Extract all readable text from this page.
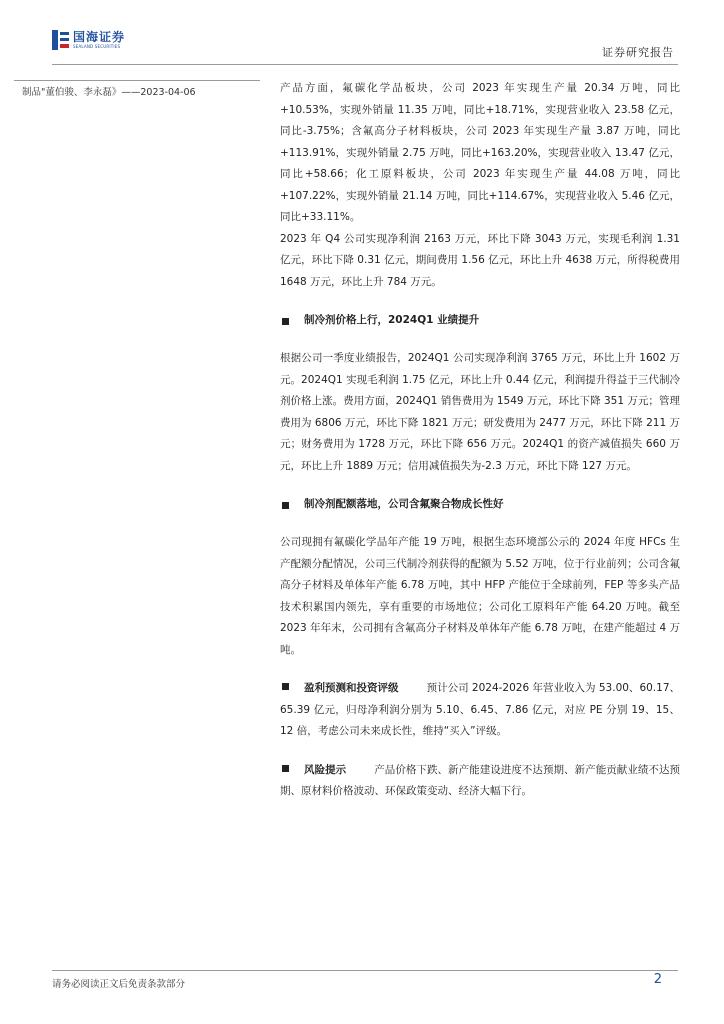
国海证券
SEALAND SECURITIES	证券研究报告
制品"董伯骏、李永磊》——2023-04-06	产品方面，氟碳化学品板块，公司 2023 年实现生产量 20.34 万吨，同比+10.53%，实现外销量 11.35 万吨，同比+18.71%，实现营业收入 23.58 亿元，同比-3.75%；含氟高分子材料板块，公司 2023 年实现生产量 3.87 万吨，同比+113.91%，实现外销量 2.75 万吨，同比+163.20%，实现营业收入 13.47 亿元，同比+58.66；化工原料板块，公司 2023 年实现生产量 44.08 万吨，同比+107.22%，实现外销量 21.14 万吨，同比+114.67%，实现营业收入 5.46 亿元，同比+33.11%。

2023 年 Q4 公司实现净利润 2163 万元，环比下降 3043 万元，实现毛利润 1.31 亿元，环比下降 0.31 亿元，期间费用 1.56 亿元，环比上升 4638 万元，所得税费用 1648 万元，环比上升 784 万元。

制冷剂价格上行，2024Q1 业绩提升

根据公司一季度业绩报告，2024Q1 公司实现净利润 3765 万元，环比上升 1602 万元。2024Q1 实现毛利润 1.75 亿元，环比上升 0.44 亿元，利润提升得益于三代制冷剂价格上涨。费用方面，2024Q1 销售费用为 1549 万元，环比下降 351 万元；管理费用为 6806 万元，环比下降 1821 万元；研发费用为 2477 万元，环比下降 211 万元；财务费用为 1728 万元，环比下降 656 万元。2024Q1 的资产减值损失 660 万元，环比上升 1889 万元；信用减值损失为-2.3 万元，环比下降 127 万元。

制冷剂配额落地，公司含氟聚合物成长性好

公司现拥有氟碳化学品年产能 19 万吨，根据生态环境部公示的 2024 年度 HFCs 生产配额分配情况，公司三代制冷剂获得的配额为 5.52 万吨，位于行业前列；公司含氟高分子材料及单体年产能 6.78 万吨，其中 HFP 产能位于全球前列，FEP 等多头产品技术积累国内领先，享有重要的市场地位；公司化工原料年产能 64.20 万吨。截至 2023 年年末，公司拥有含氟高分子材料及单体年产能 6.78 万吨，在建产能超过 4 万吨。

盈利预测和投资评级	预计公司 2024-2026 年营业收入为 53.00、60.17、65.39 亿元，归母净利润分别为 5.10、6.45、7.86 亿元，对应 PE 分别 19、15、12 倍，考虑公司未来成长性，维持“买入”评级。

风险提示	产品价格下跌、新产能建设进度不达预期、新产能贡献业绩不达预期、原材料价格波动、环保政策变动、经济大幅下行。

请务必阅读正文后免责条款部分	2
